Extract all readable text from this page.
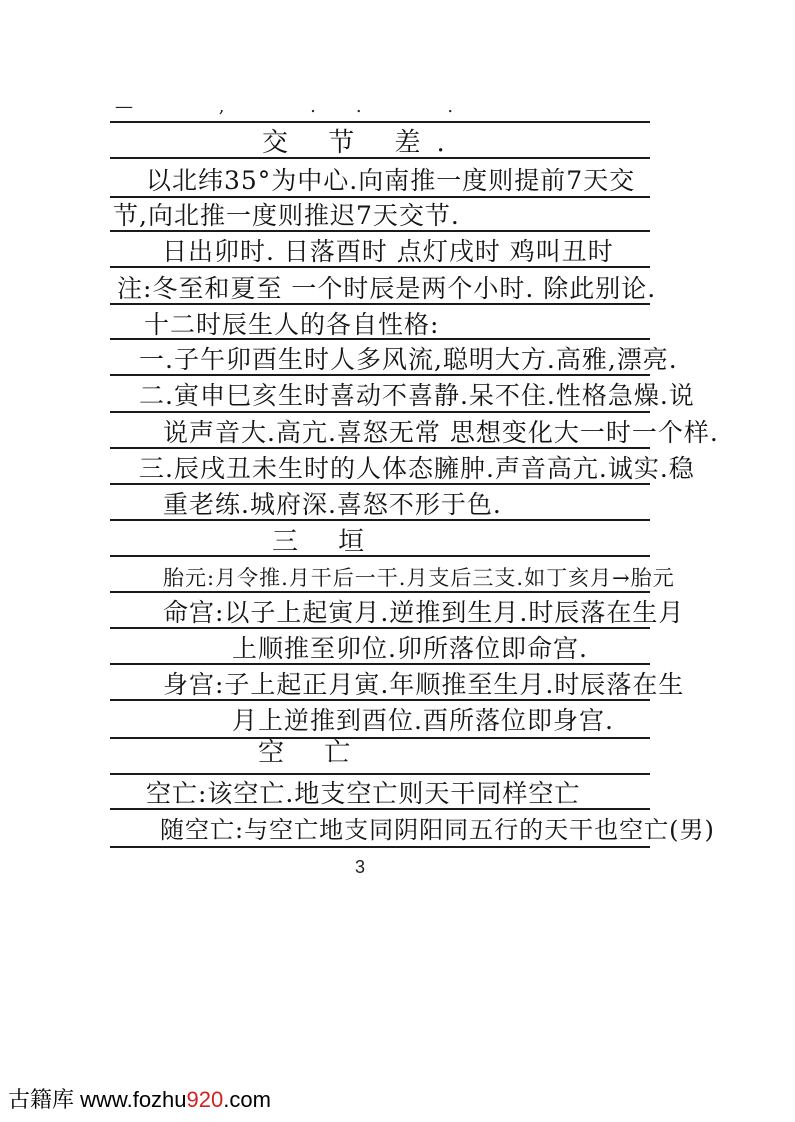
— , .. .
交 节 差.
以北纬35°为中心.向南推一度则提前7天交
节,向北推一度则推迟7天交节.
日出卯时. 日落酉时 点灯戌时 鸡叫丑时
注:冬至和夏至 一个时辰是两个小时. 除此别论.
十二时辰生人的各自性格:
一.子午卯酉生时人多风流,聪明大方.高雅,漂亮.
二.寅申巳亥生时喜动不喜静.呆不住.性格急燥.说
说声音大.高亢.喜怒无常 思想变化大一时一个样.
三.辰戌丑未生时的人体态臃肿.声音高亢.诚实.稳
重老练.城府深.喜怒不形于色.
三 垣
胎元:月令推.月干后一干.月支后三支.如丁亥月→胎元
命宫:以子上起寅月.逆推到生月.时辰落在生月
上顺推至卯位.卯所落位即命宫.
身宫:子上起正月寅.年顺推至生月.时辰落在生
月上逆推到酉位.酉所落位即身宫.
空 亡
空亡:该空亡.地支空亡则天干同样空亡
随空亡:与空亡地支同阴阳同五行的天干也空亡(男)
3
古籍库 www.fozhu920.com
